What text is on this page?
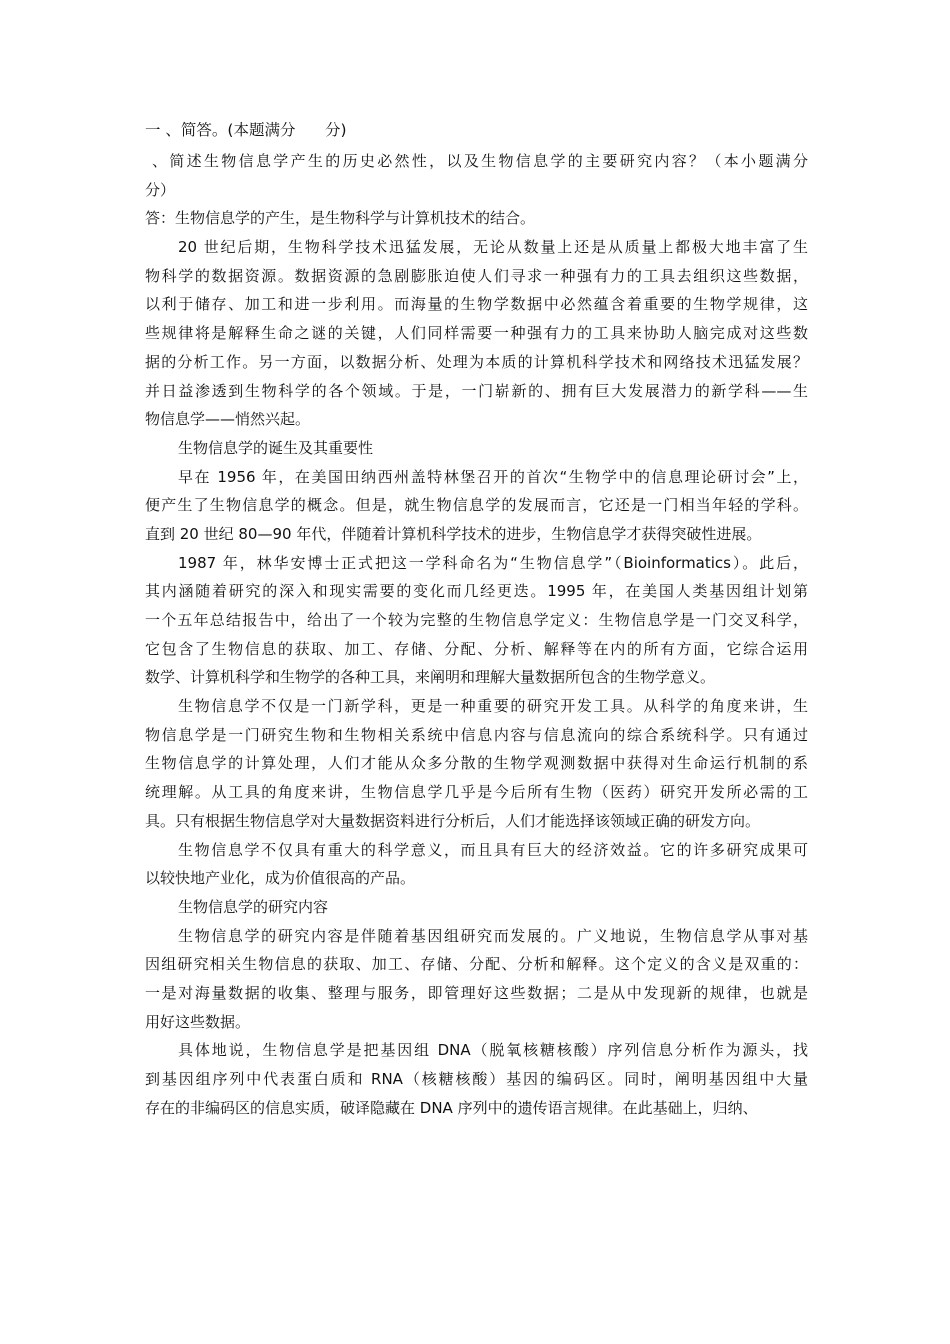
一 、简答。(本题满分      分)
、简述生物信息学产生的历史必然性，以及生物信息学的主要研究内容？（本小题满分
分）
答：生物信息学的产生，是生物科学与计算机技术的结合。
20 世纪后期，生物科学技术迅猛发展，无论从数量上还是从质量上都极大地丰富了生
物科学的数据资源。数据资源的急剧膨胀迫使人们寻求一种强有力的工具去组织这些数据，
以利于储存、加工和进一步利用。而海量的生物学数据中必然蕴含着重要的生物学规律，这
些规律将是解释生命之谜的关键，人们同样需要一种强有力的工具来协助人脑完成对这些数
据的分析工作。另一方面，以数据分析、处理为本质的计算机科学技术和网络技术迅猛发展？
并日益渗透到生物科学的各个领域。于是，一门崭新的、拥有巨大发展潜力的新学科——生
物信息学——悄然兴起。
生物信息学的诞生及其重要性
早在 1956 年，在美国田纳西州盖特林堡召开的首次“生物学中的信息理论研讨会”上，
便产生了生物信息学的概念。但是，就生物信息学的发展而言，它还是一门相当年轻的学科。
直到 20 世纪 80—90 年代，伴随着计算机科学技术的进步，生物信息学才获得突破性进展。
1987 年，林华安博士正式把这一学科命名为“生物信息学”（Bioinformatics）。此后，
其内涵随着研究的深入和现实需要的变化而几经更迭。1995 年，在美国人类基因组计划第
一个五年总结报告中，给出了一个较为完整的生物信息学定义：生物信息学是一门交叉科学，
它包含了生物信息的获取、加工、存储、分配、分析、解释等在内的所有方面，它综合运用
数学、计算机科学和生物学的各种工具，来阐明和理解大量数据所包含的生物学意义。
生物信息学不仅是一门新学科，更是一种重要的研究开发工具。从科学的角度来讲，生
物信息学是一门研究生物和生物相关系统中信息内容与信息流向的综合系统科学。只有通过
生物信息学的计算处理，人们才能从众多分散的生物学观测数据中获得对生命运行机制的系
统理解。从工具的角度来讲，生物信息学几乎是今后所有生物（医药）研究开发所必需的工
具。只有根据生物信息学对大量数据资料进行分析后，人们才能选择该领域正确的研发方向。
生物信息学不仅具有重大的科学意义，而且具有巨大的经济效益。它的许多研究成果可
以较快地产业化，成为价值很高的产品。
生物信息学的研究内容
生物信息学的研究内容是伴随着基因组研究而发展的。广义地说，生物信息学从事对基
因组研究相关生物信息的获取、加工、存储、分配、分析和解释。这个定义的含义是双重的：
一是对海量数据的收集、整理与服务，即管理好这些数据；二是从中发现新的规律，也就是
用好这些数据。
具体地说，生物信息学是把基因组 DNA（脱氧核糖核酸）序列信息分析作为源头，找
到基因组序列中代表蛋白质和 RNA（核糖核酸）基因的编码区。同时，阐明基因组中大量
存在的非编码区的信息实质，破译隐藏在 DNA 序列中的遗传语言规律。在此基础上，归纳、
